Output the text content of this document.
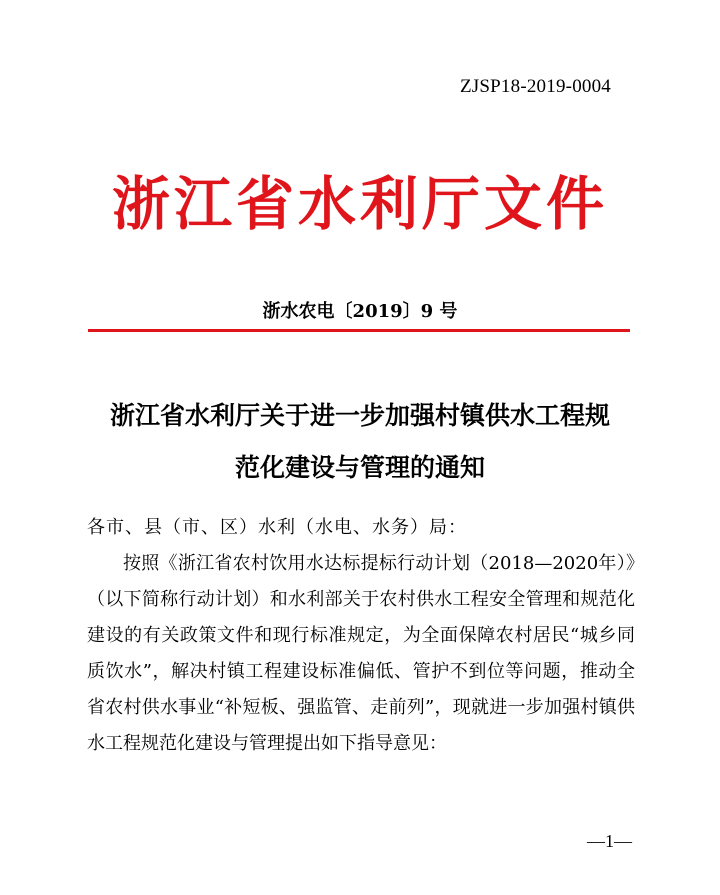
ZJSP18-2019-0004
浙江省水利厅文件
浙水农电〔2019〕9 号
浙江省水利厅关于进一步加强村镇供水工程规
范化建设与管理的通知

各市、县（市、区）水利（水电、水务）局：

按照《浙江省农村饮用水达标提标行动计划（2018—2020年）》（以下简称行动计划）和水利部关于农村供水工程安全管理和规范化建设的有关政策文件和现行标准规定，为全面保障农村居民“城乡同质饮水”，解决村镇工程建设标准偏低、管护不到位等问题，推动全省农村供水事业“补短板、强监管、走前列”，现就进一步加强村镇供水工程规范化建设与管理提出如下指导意见：

—1—
